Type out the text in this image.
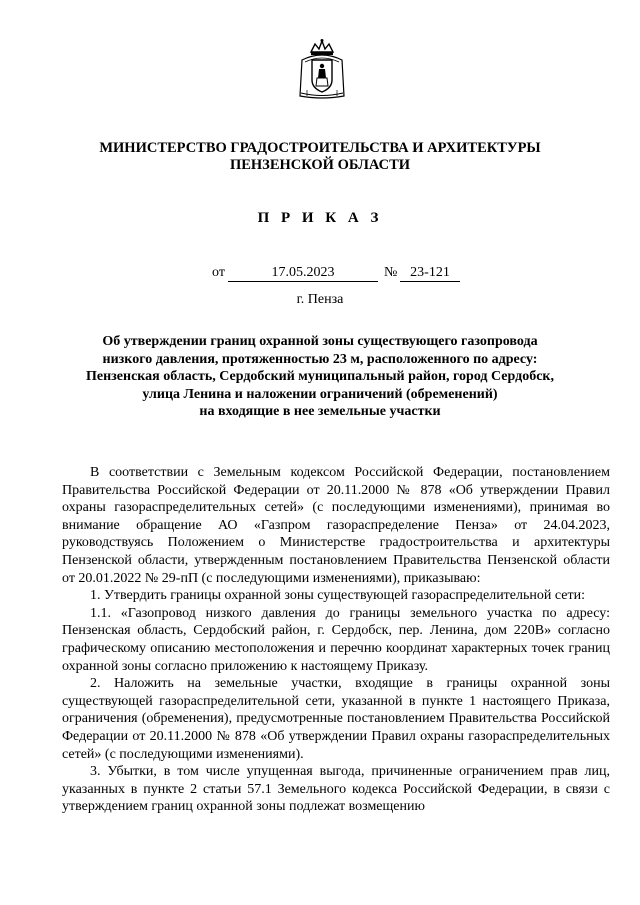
МИНИСТЕРСТВО ГРАДОСТРОИТЕЛЬСТВА И АРХИТЕКТУРЫ
ПЕНЗЕНСКОЙ ОБЛАСТИ
П Р И К А З
от	17.05.2023	№ 23-121
г. Пенза
Об утверждении границ охранной зоны существующего газопровода
низкого давления, протяженностью 23 м, расположенного по адресу:
Пензенская область, Сердобский муниципальный район, город Сердобск,
улица Ленина и наложении ограничений (обременений)
на входящие в нее земельные участки

В соответствии с Земельным кодексом Российской Федерации, постановлением Правительства Российской Федерации от 20.11.2000 № 878 «Об утверждении Правил охраны газораспределительных сетей» (с последующими изменениями), принимая во внимание обращение АО «Газпром газораспределение Пенза» от 24.04.2023, руководствуясь Положением о Министерстве градостроительства и архитектуры Пензенской области, утвержденным постановлением Правительства Пензенской области от 20.01.2022 № 29-пП (с последующими изменениями), приказываю:

1. Утвердить границы охранной зоны существующей газораспределительной сети:

1.1. «Газопровод низкого давления до границы земельного участка по адресу: Пензенская область, Сердобский район, г. Сердобск, пер. Ленина, дом 220В» согласно графическому описанию местоположения и перечню координат характерных точек границ охранной зоны согласно приложению к настоящему Приказу.

2. Наложить на земельные участки, входящие в границы охранной зоны существующей газораспределительной сети, указанной в пункте 1 настоящего Приказа, ограничения (обременения), предусмотренные постановлением Правительства Российской Федерации от 20.11.2000 № 878 «Об утверждении Правил охраны газораспределительных сетей» (с последующими изменениями).

3. Убытки, в том числе упущенная выгода, причиненные ограничением прав лиц, указанных в пункте 2 статьи 57.1 Земельного кодекса Российской Федерации, в связи с утверждением границ охранной зоны подлежат возмещению
